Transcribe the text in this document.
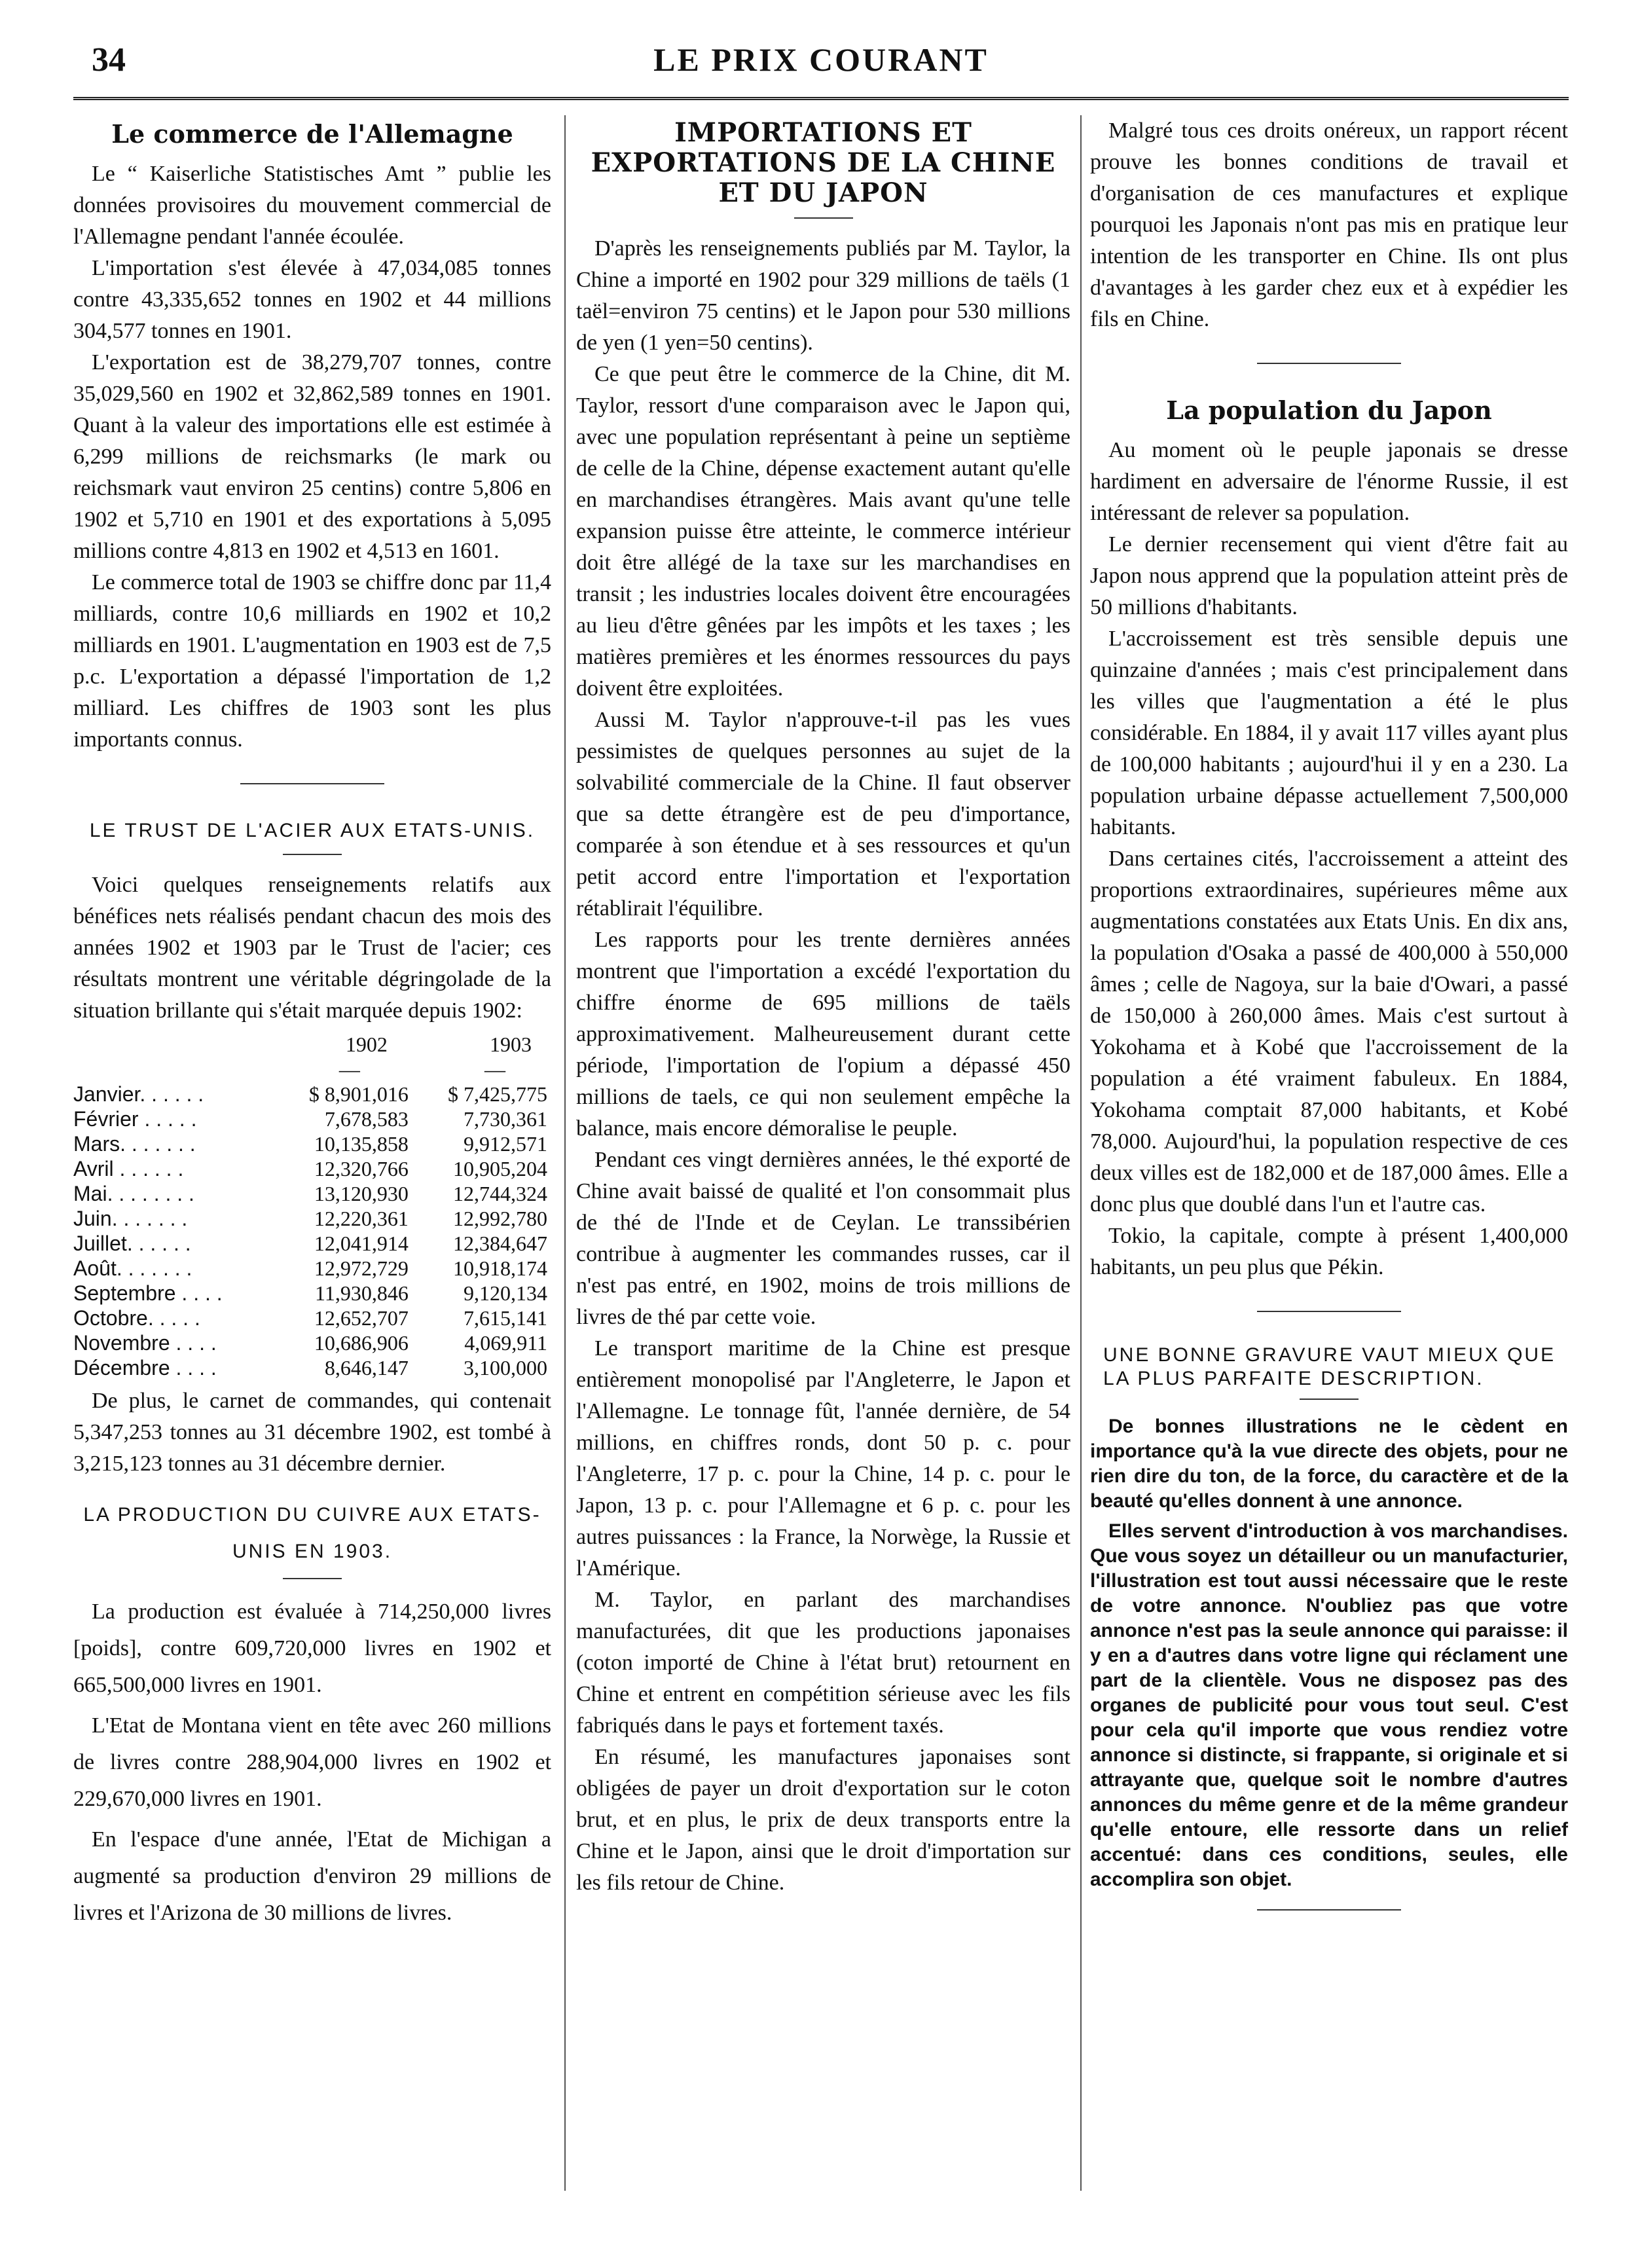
34	LE PRIX COURANT
Le commerce de l'Allemagne

Le “ Kaiserliche Statistisches Amt ” publie les données provisoires du mouvement commercial de l'Allemagne pendant l'année écoulée.

L'importation s'est élevée à 47,034,085 tonnes contre 43,335,652 tonnes en 1902 et 44 millions 304,577 tonnes en 1901.

L'exportation est de 38,279,707 tonnes, contre 35,029,560 en 1902 et 32,862,589 tonnes en 1901. Quant à la valeur des importations elle est estimée à 6,299 millions de reichsmarks (le mark ou reichsmark vaut environ 25 centins) contre 5,806 en 1902 et 5,710 en 1901 et des exportations à 5,095 millions contre 4,813 en 1902 et 4,513 en 1601.

Le commerce total de 1903 se chiffre donc par 11,4 milliards, contre 10,6 milliards en 1902 et 10,2 milliards en 1901. L'augmentation en 1903 est de 7,5 p.c. L'exportation a dépassé l'importation de 1,2 milliard. Les chiffres de 1903 sont les plus importants connus.

LE TRUST DE L'ACIER AUX ETATS-UNIS.

Voici quelques renseignements relatifs aux bénéfices nets réalisés pendant chacun des mois des années 1902 et 1903 par le Trust de l'acier; ces résultats montrent une véritable dégringolade de la situation brillante qui s'était marquée depuis 1902:

	1902	1903
	—	—
Janvier. . . . . .	$ 8,901,016	$ 7,425,775
Février . . . . .	7,678,583	7,730,361
Mars. . . . . . .	10,135,858	9,912,571
Avril . . . . . .	12,320,766	10,905,204
Mai. . . . . . . .	13,120,930	12,744,324
Juin. . . . . . .	12,220,361	12,992,780
Juillet. . . . . .	12,041,914	12,384,647
Août. . . . . . .	12,972,729	10,918,174
Septembre . . . .	11,930,846	9,120,134
Octobre. . . . .	12,652,707	7,615,141
Novembre . . . .	10,686,906	4,069,911
Décembre . . . .	8,646,147	3,100,000

De plus, le carnet de commandes, qui contenait 5,347,253 tonnes au 31 décembre 1902, est tombé à 3,215,123 tonnes au 31 décembre dernier.

LA PRODUCTION DU CUIVRE AUX ETATS-UNIS EN 1903.

La production est évaluée à 714,250,000 livres [poids], contre 609,720,000 livres en 1902 et 665,500,000 livres en 1901.

L'Etat de Montana vient en tête avec 260 millions de livres contre 288,904,000 livres en 1902 et 229,670,000 livres en 1901.

En l'espace d'une année, l'Etat de Michigan a augmenté sa production d'environ 29 millions de livres et l'Arizona de 30 millions de livres.

IMPORTATIONS ET EXPORTATIONS DE LA CHINE ET DU JAPON

D'après les renseignements publiés par M. Taylor, la Chine a importé en 1902 pour 329 millions de taëls (1 taël=environ 75 centins) et le Japon pour 530 millions de yen (1 yen=50 centins).

Ce que peut être le commerce de la Chine, dit M. Taylor, ressort d'une comparaison avec le Japon qui, avec une population représentant à peine un septième de celle de la Chine, dépense exactement autant qu'elle en marchandises étrangères. Mais avant qu'une telle expansion puisse être atteinte, le commerce intérieur doit être allégé de la taxe sur les marchandises en transit ; les industries locales doivent être encouragées au lieu d'être gênées par les impôts et les taxes ; les matières premières et les énormes ressources du pays doivent être exploitées.

Aussi M. Taylor n'approuve-t-il pas les vues pessimistes de quelques personnes au sujet de la solvabilité commerciale de la Chine. Il faut observer que sa dette étrangère est de peu d'importance, comparée à son étendue et à ses ressources et qu'un petit accord entre l'importation et l'exportation rétablirait l'équilibre.

Les rapports pour les trente dernières années montrent que l'importation a excédé l'exportation du chiffre énorme de 695 millions de taëls approximativement. Malheureusement durant cette période, l'importation de l'opium a dépassé 450 millions de taels, ce qui non seulement empêche la balance, mais encore démoralise le peuple.

Pendant ces vingt dernières années, le thé exporté de Chine avait baissé de qualité et l'on consommait plus de thé de l'Inde et de Ceylan. Le transsibérien contribue à augmenter les commandes russes, car il n'est pas entré, en 1902, moins de trois millions de livres de thé par cette voie.

Le transport maritime de la Chine est presque entièrement monopolisé par l'Angleterre, le Japon et l'Allemagne. Le tonnage fût, l'année dernière, de 54 millions, en chiffres ronds, dont 50 p. c. pour l'Angleterre, 17 p. c. pour la Chine, 14 p. c. pour le Japon, 13 p. c. pour l'Allemagne et 6 p. c. pour les autres puissances : la France, la Norwège, la Russie et l'Amérique.

M. Taylor, en parlant des marchandises manufacturées, dit que les productions japonaises (coton importé de Chine à l'état brut) retournent en Chine et entrent en compétition sérieuse avec les fils fabriqués dans le pays et fortement taxés.

En résumé, les manufactures japonaises sont obligées de payer un droit d'exportation sur le coton brut, et en plus, le prix de deux transports entre la Chine et le Japon, ainsi que le droit d'importation sur les fils retour de Chine.

Malgré tous ces droits onéreux, un rapport récent prouve les bonnes conditions de travail et d'organisation de ces manufactures et explique pourquoi les Japonais n'ont pas mis en pratique leur intention de les transporter en Chine. Ils ont plus d'avantages à les garder chez eux et à expédier les fils en Chine.

La population du Japon

Au moment où le peuple japonais se dresse hardiment en adversaire de l'énorme Russie, il est intéressant de relever sa population.

Le dernier recensement qui vient d'être fait au Japon nous apprend que la population atteint près de 50 millions d'habitants.

L'accroissement est très sensible depuis une quinzaine d'années ; mais c'est principalement dans les villes que l'augmentation a été le plus considérable. En 1884, il y avait 117 villes ayant plus de 100,000 habitants ; aujourd'hui il y en a 230. La population urbaine dépasse actuellement 7,500,000 habitants.

Dans certaines cités, l'accroissement a atteint des proportions extraordinaires, supérieures même aux augmentations constatées aux Etats Unis. En dix ans, la population d'Osaka a passé de 400,000 à 550,000 âmes ; celle de Nagoya, sur la baie d'Owari, a passé de 150,000 à 260,000 âmes. Mais c'est surtout à Yokohama et à Kobé que l'accroissement de la population a été vraiment fabuleux. En 1884, Yokohama comptait 87,000 habitants, et Kobé 78,000. Aujourd'hui, la population respective de ces deux villes est de 182,000 et de 187,000 âmes. Elle a donc plus que doublé dans l'un et l'autre cas.

Tokio, la capitale, compte à présent 1,400,000 habitants, un peu plus que Pékin.

UNE BONNE GRAVURE VAUT MIEUX QUE LA PLUS PARFAITE DESCRIPTION.

De bonnes illustrations ne le cèdent en importance qu'à la vue directe des objets, pour ne rien dire du ton, de la force, du caractère et de la beauté qu'elles donnent à une annonce.

Elles servent d'introduction à vos marchandises. Que vous soyez un détailleur ou un manufacturier, l'illustration est tout aussi nécessaire que le reste de votre annonce. N'oubliez pas que votre annonce n'est pas la seule annonce qui paraisse: il y en a d'autres dans votre ligne qui réclament une part de la clientèle. Vous ne disposez pas des organes de publicité pour vous tout seul. C'est pour cela qu'il importe que vous rendiez votre annonce si distincte, si frappante, si originale et si attrayante que, quelque soit le nombre d'autres annonces du même genre et de la même grandeur qu'elle entoure, elle ressorte dans un relief accentué: dans ces conditions, seules, elle accomplira son objet.
